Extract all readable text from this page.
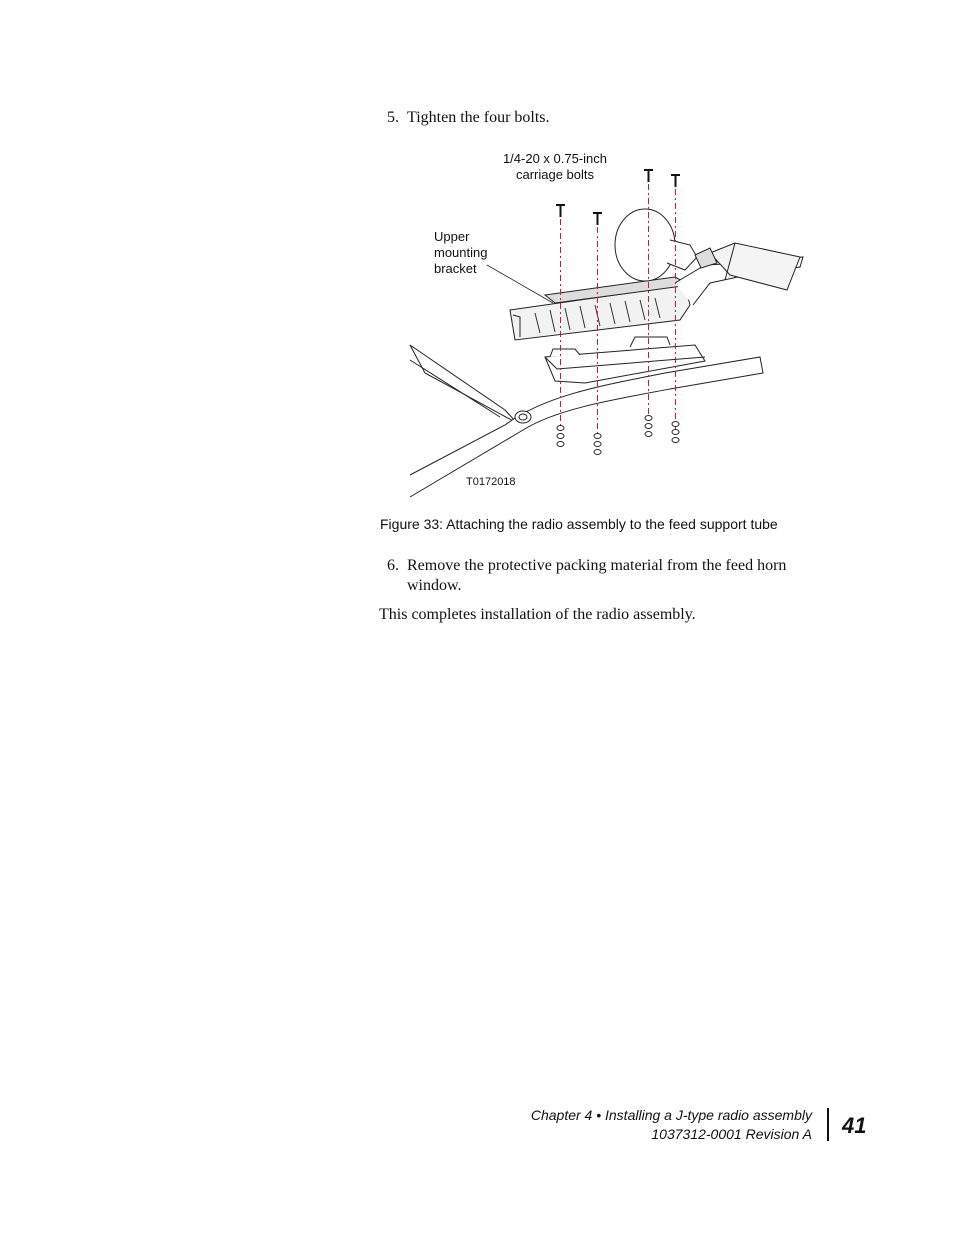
5. Tighten the four bolts.
1/4-20 x 0.75-inch
carriage bolts
Upper
mounting
bracket
T0172018
Figure 33: Attaching the radio assembly to the feed support tube
6. Remove the protective packing material from the feed horn window.
This completes installation of the radio assembly.
Chapter 4 • Installing a J-type radio assembly
1037312-0001 Revision A 41
